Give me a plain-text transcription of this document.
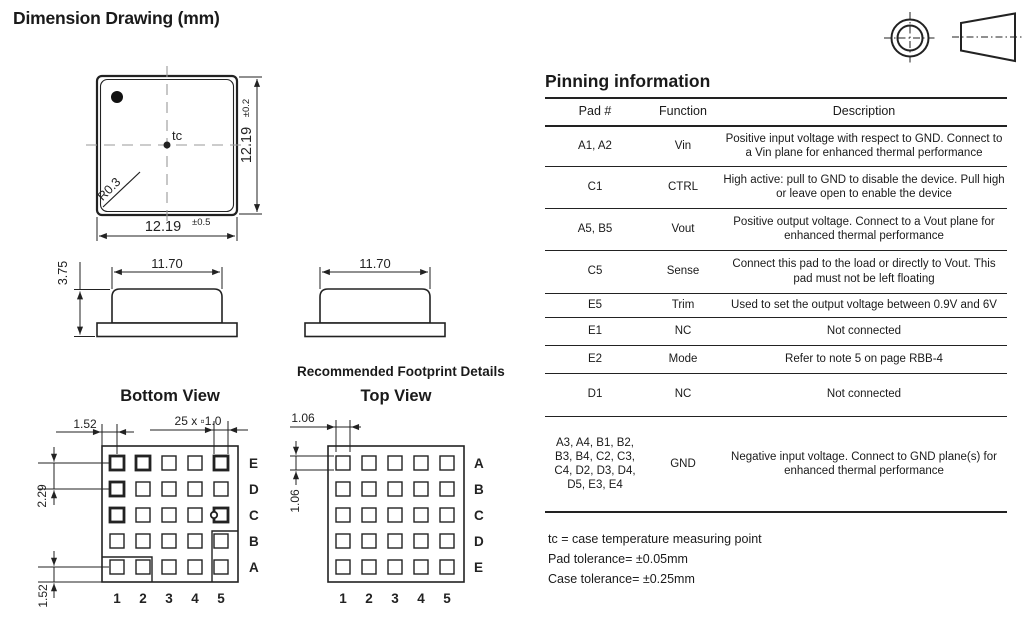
tc
R0.3
12.19
±0.2
12.19 ±0.5
11.70
3.75	11.70
1.52	25 x ▫1.0
2.29
1.52
E
D
C
B
A
1 2 3 4 5
1.06
1.06
A
B
C
D
E
1 2 3 4 5
Dimension Drawing (mm)
Recommended Footprint Details
Bottom View	Top View
Pinning information
Pad #	Function	Description
A1, A2	Vin	Positive input voltage with respect to GND. Connect to a Vin plane for enhanced thermal performance
C1	CTRL	High active: pull to GND to disable the device. Pull high or leave open to enable the device
A5, B5	Vout	Positive output voltage. Connect to a Vout plane for enhanced thermal performance
C5	Sense	Connect this pad to the load or directly to Vout. This pad must not be left floating
E5	Trim	Used to set the output voltage between 0.9V and 6V
E1	NC	Not connected
E2	Mode	Refer to note 5 on page RBB-4
D1	NC	Not connected
A3, A4, B1, B2, B3, B4, C2, C3, C4, D2, D3, D4, D5, E3, E4	GND	Negative input voltage. Connect to GND plane(s) for enhanced thermal performance
tc = case temperature measuring point
Pad tolerance= ±0.05mm
Case tolerance= ±0.25mm
